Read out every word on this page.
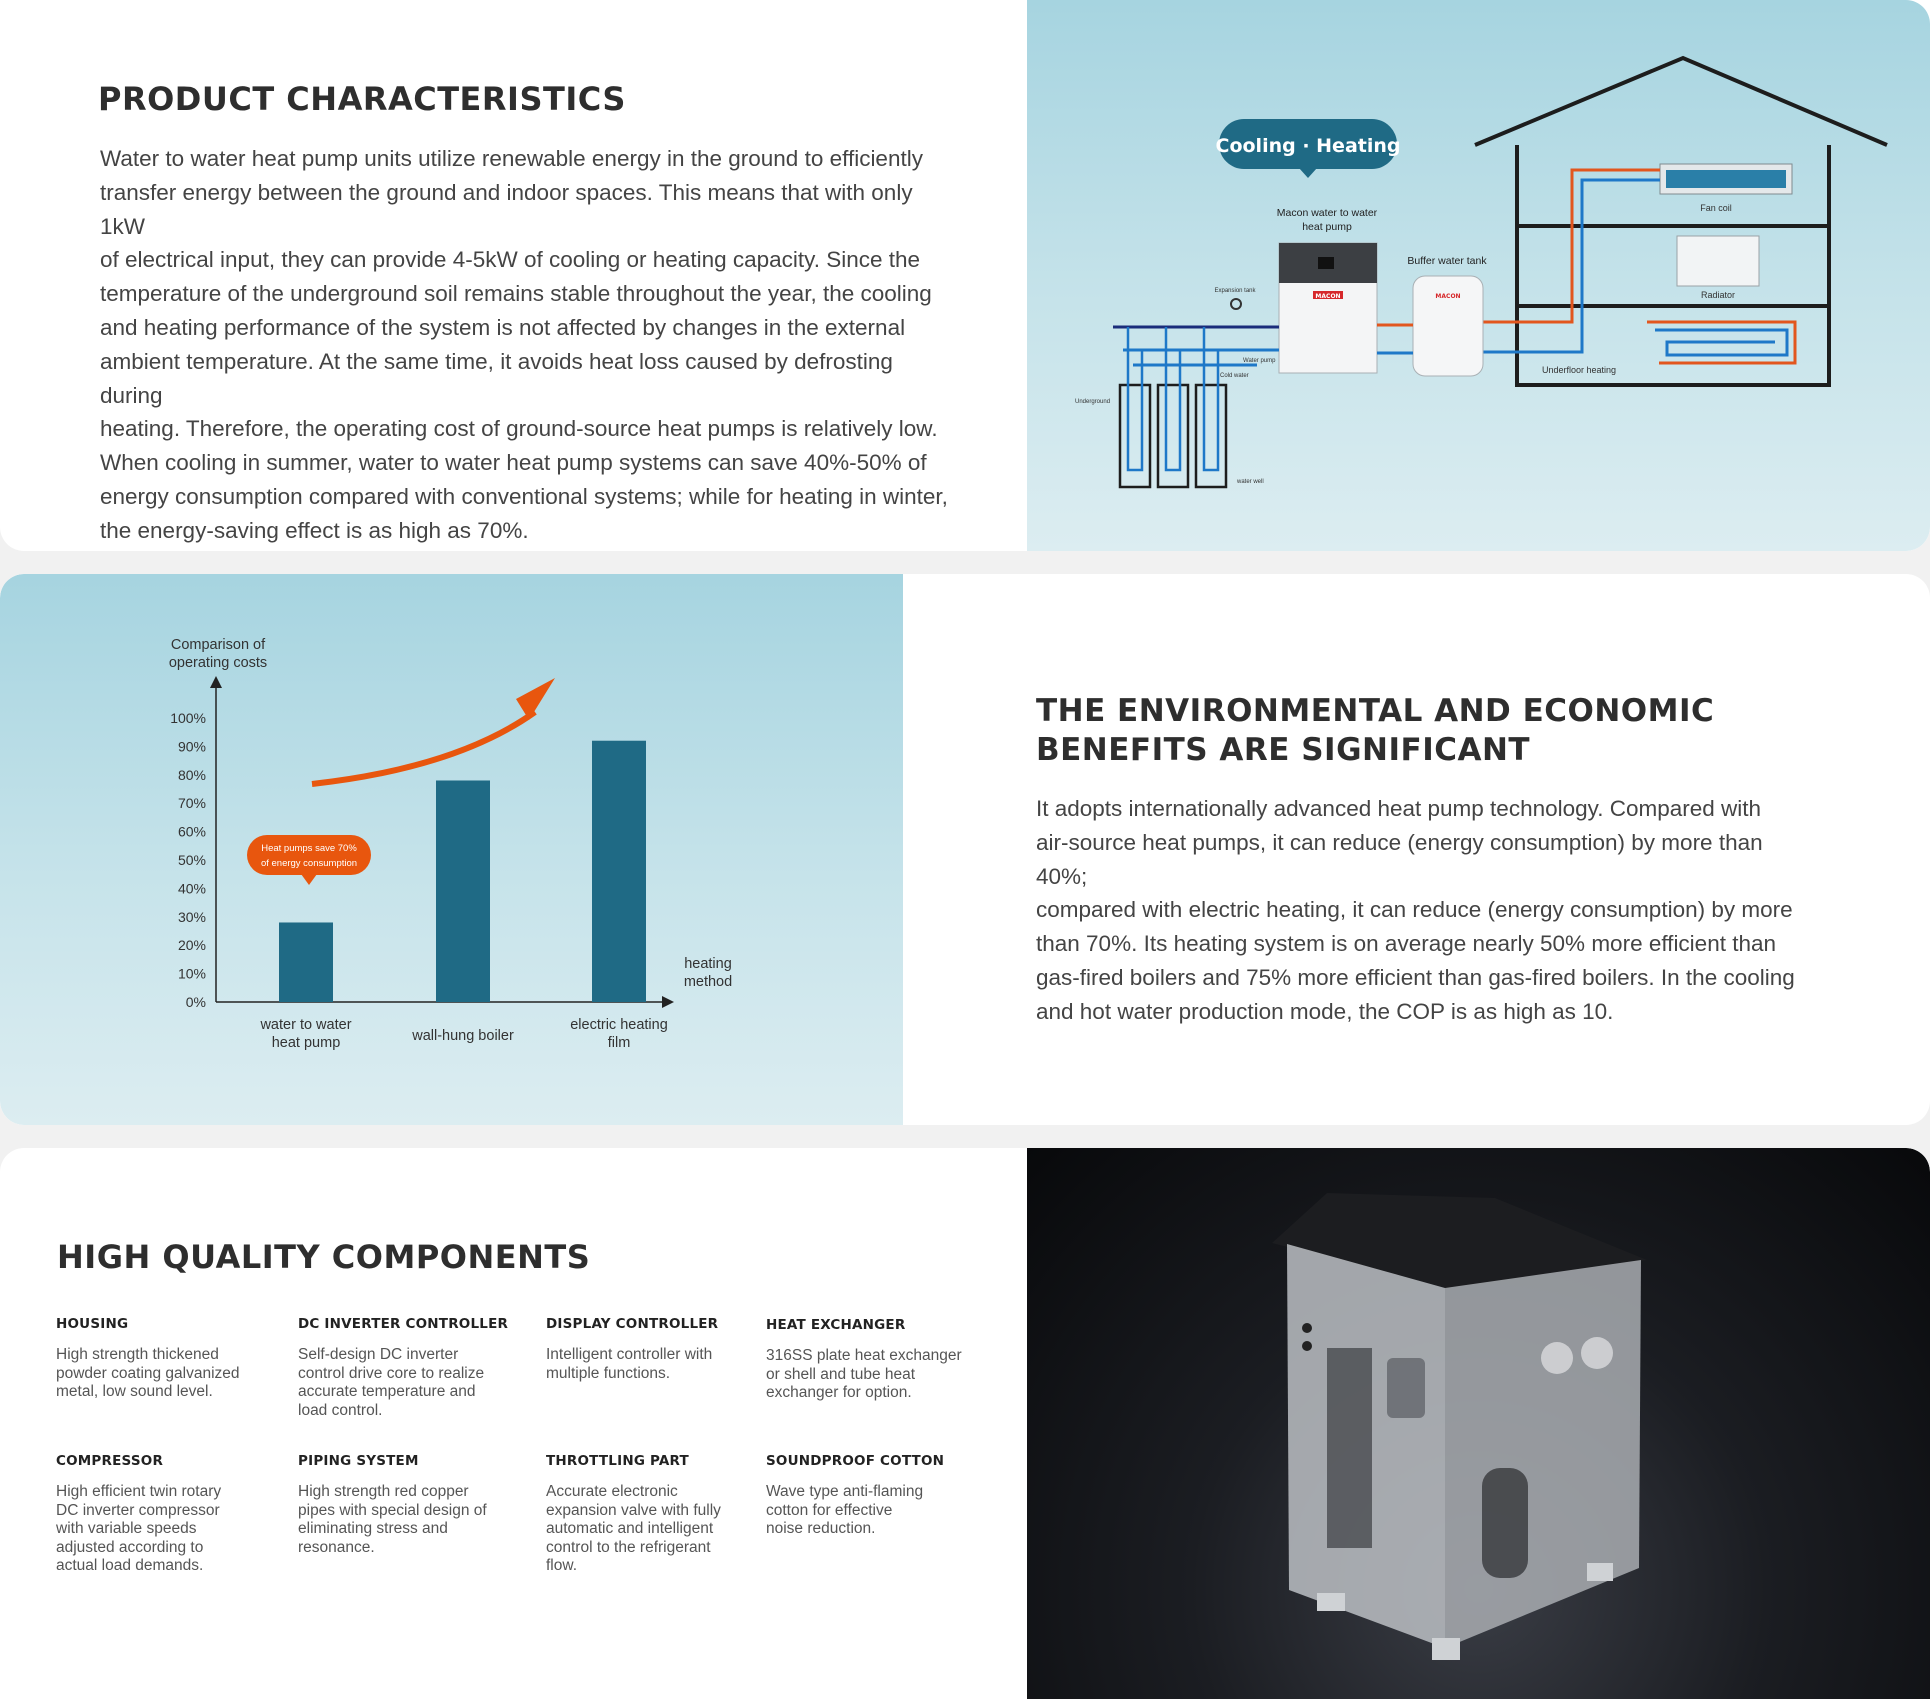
PRODUCT CHARACTERISTICS

Water to water heat pump units utilize renewable energy in the ground to efficiently

transfer energy between the ground and indoor spaces. This means that with only 1kW

of electrical input, they can provide 4-5kW of cooling or heating capacity. Since the

temperature of the underground soil remains stable throughout the year, the cooling

and heating performance of the system is not affected by changes in the external

ambient temperature. At the same time, it avoids heat loss caused by defrosting during

heating. Therefore, the operating cost of ground-source heat pumps is relatively low.

When cooling in summer, water to water heat pump systems can save 40%-50% of

energy consumption compared with conventional systems; while for heating in winter,

the energy-saving effect is as high as 70%.

Cooling · Heating
Fan coil
Radiator
Underfloor heating
Macon water to water
heat pump
MACON
Buffer water tank
MACON
Expansion tank
Water pump
Cold water
Underground
water well
Comparison of
operating costs
heating
method
0%
10%
20%
30%
40%
50%
60%
70%
80%
90%
100%
water to water
heat pump	wall-hung boiler
electric heating
film
Heat pumps save 70%
of energy consumption
THE ENVIRONMENTAL AND ECONOMIC
BENEFITS ARE SIGNIFICANT

It adopts internationally advanced heat pump technology. Compared with

air-source heat pumps, it can reduce (energy consumption) by more than 40%;

compared with electric heating, it can reduce (energy consumption) by more

than 70%. Its heating system is on average nearly 50% more efficient than

gas-fired boilers and 75% more efficient than gas-fired boilers. In the cooling

and hot water production mode, the COP is as high as 10.

HIGH QUALITY COMPONENTS
HOUSING
High strength thickened
powder coating galvanized
metal, low sound level.
DC INVERTER CONTROLLER
Self-design DC inverter
control drive core to realize
accurate temperature and
load control.
DISPLAY CONTROLLER
Intelligent controller with
multiple functions.
HEAT EXCHANGER
316SS plate heat exchanger
or shell and tube heat
exchanger for option.
COMPRESSOR
High efficient twin rotary
DC inverter compressor
with variable speeds
adjusted according to
actual load demands.
PIPING SYSTEM
High strength red copper
pipes with special design of
eliminating stress and
resonance.
THROTTLING PART
Accurate electronic
expansion valve with fully
automatic and intelligent
control to the refrigerant
flow.
SOUNDPROOF COTTON
Wave type anti-flaming
cotton for effective
noise reduction.
